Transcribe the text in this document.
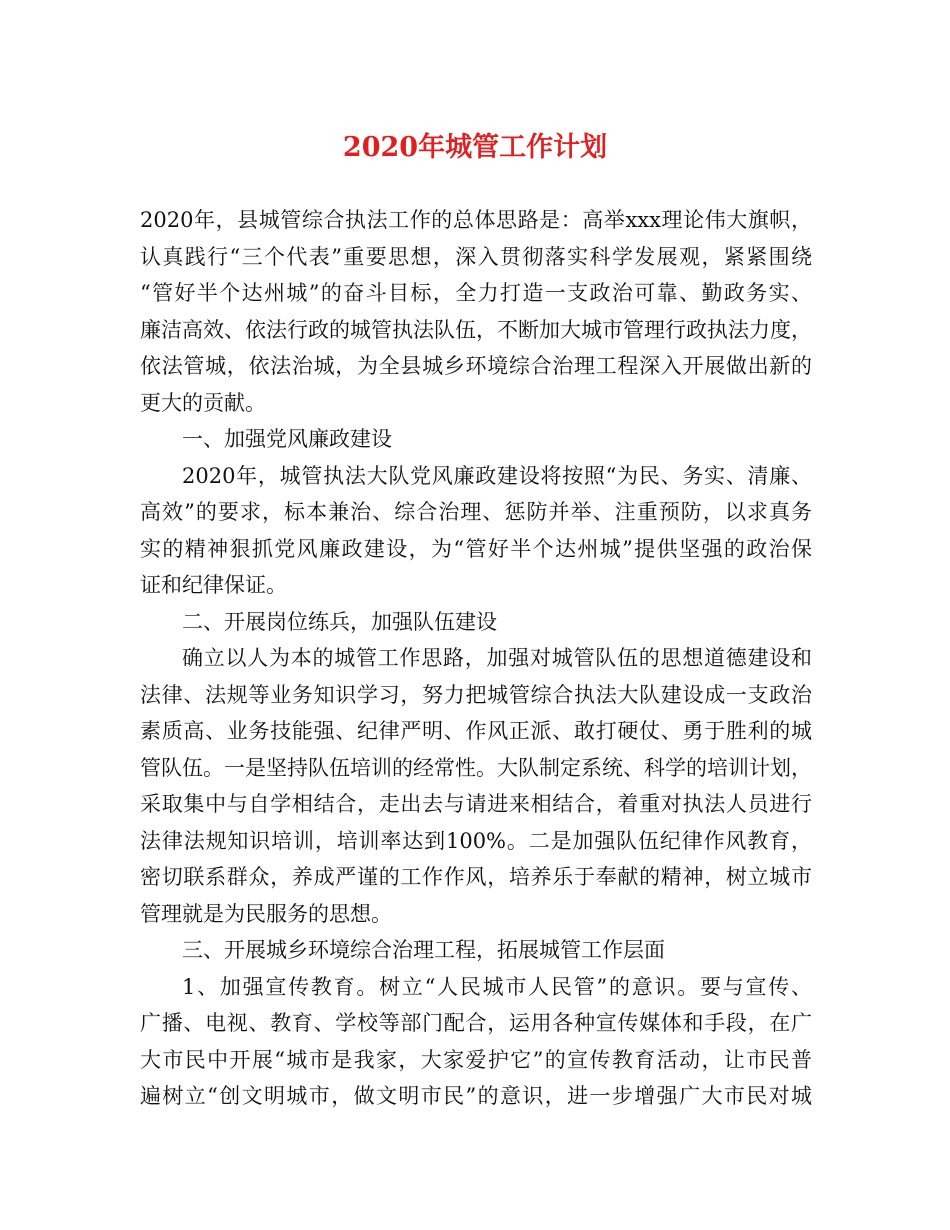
2020年城管工作计划
2020年，县城管综合执法工作的总体思路是：高举xxx理论伟大旗帜，
认真践行“三个代表”重要思想，深入贯彻落实科学发展观，紧紧围绕
“管好半个达州城”的奋斗目标，全力打造一支政治可靠、勤政务实、
廉洁高效、依法行政的城管执法队伍，不断加大城市管理行政执法力度，
依法管城，依法治城，为全县城乡环境综合治理工程深入开展做出新的
更大的贡献。
一、加强党风廉政建设
2020年，城管执法大队党风廉政建设将按照“为民、务实、清廉、
高效”的要求，标本兼治、综合治理、惩防并举、注重预防，以求真务
实的精神狠抓党风廉政建设，为“管好半个达州城”提供坚强的政治保
证和纪律保证。
二、开展岗位练兵，加强队伍建设
确立以人为本的城管工作思路，加强对城管队伍的思想道德建设和
法律、法规等业务知识学习，努力把城管综合执法大队建设成一支政治
素质高、业务技能强、纪律严明、作风正派、敢打硬仗、勇于胜利的城
管队伍。一是坚持队伍培训的经常性。大队制定系统、科学的培训计划，
采取集中与自学相结合，走出去与请进来相结合，着重对执法人员进行
法律法规知识培训，培训率达到100%。二是加强队伍纪律作风教育，
密切联系群众，养成严谨的工作作风，培养乐于奉献的精神，树立城市
管理就是为民服务的思想。
三、开展城乡环境综合治理工程，拓展城管工作层面
1、加强宣传教育。树立“人民城市人民管”的意识。要与宣传、
广播、电视、教育、学校等部门配合，运用各种宣传媒体和手段，在广
大市民中开展“城市是我家，大家爱护它”的宣传教育活动，让市民普
遍树立“创文明城市，做文明市民”的意识，进一步增强广大市民对城
